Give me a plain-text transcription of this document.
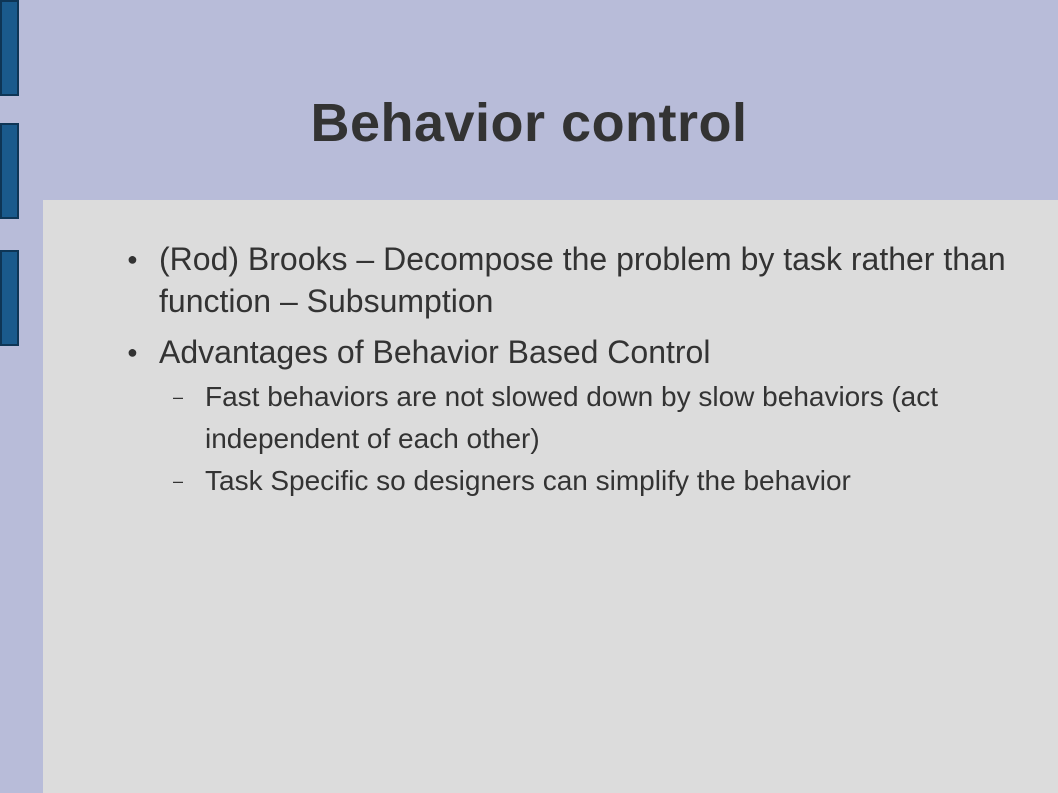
Behavior control
● (Rod) Brooks – Decompose the problem by task rather than function – Subsumption
● Advantages of Behavior Based Control
– Fast behaviors are not slowed down by slow behaviors (act independent of each other)
– Task Specific so designers can simplify the behavior
